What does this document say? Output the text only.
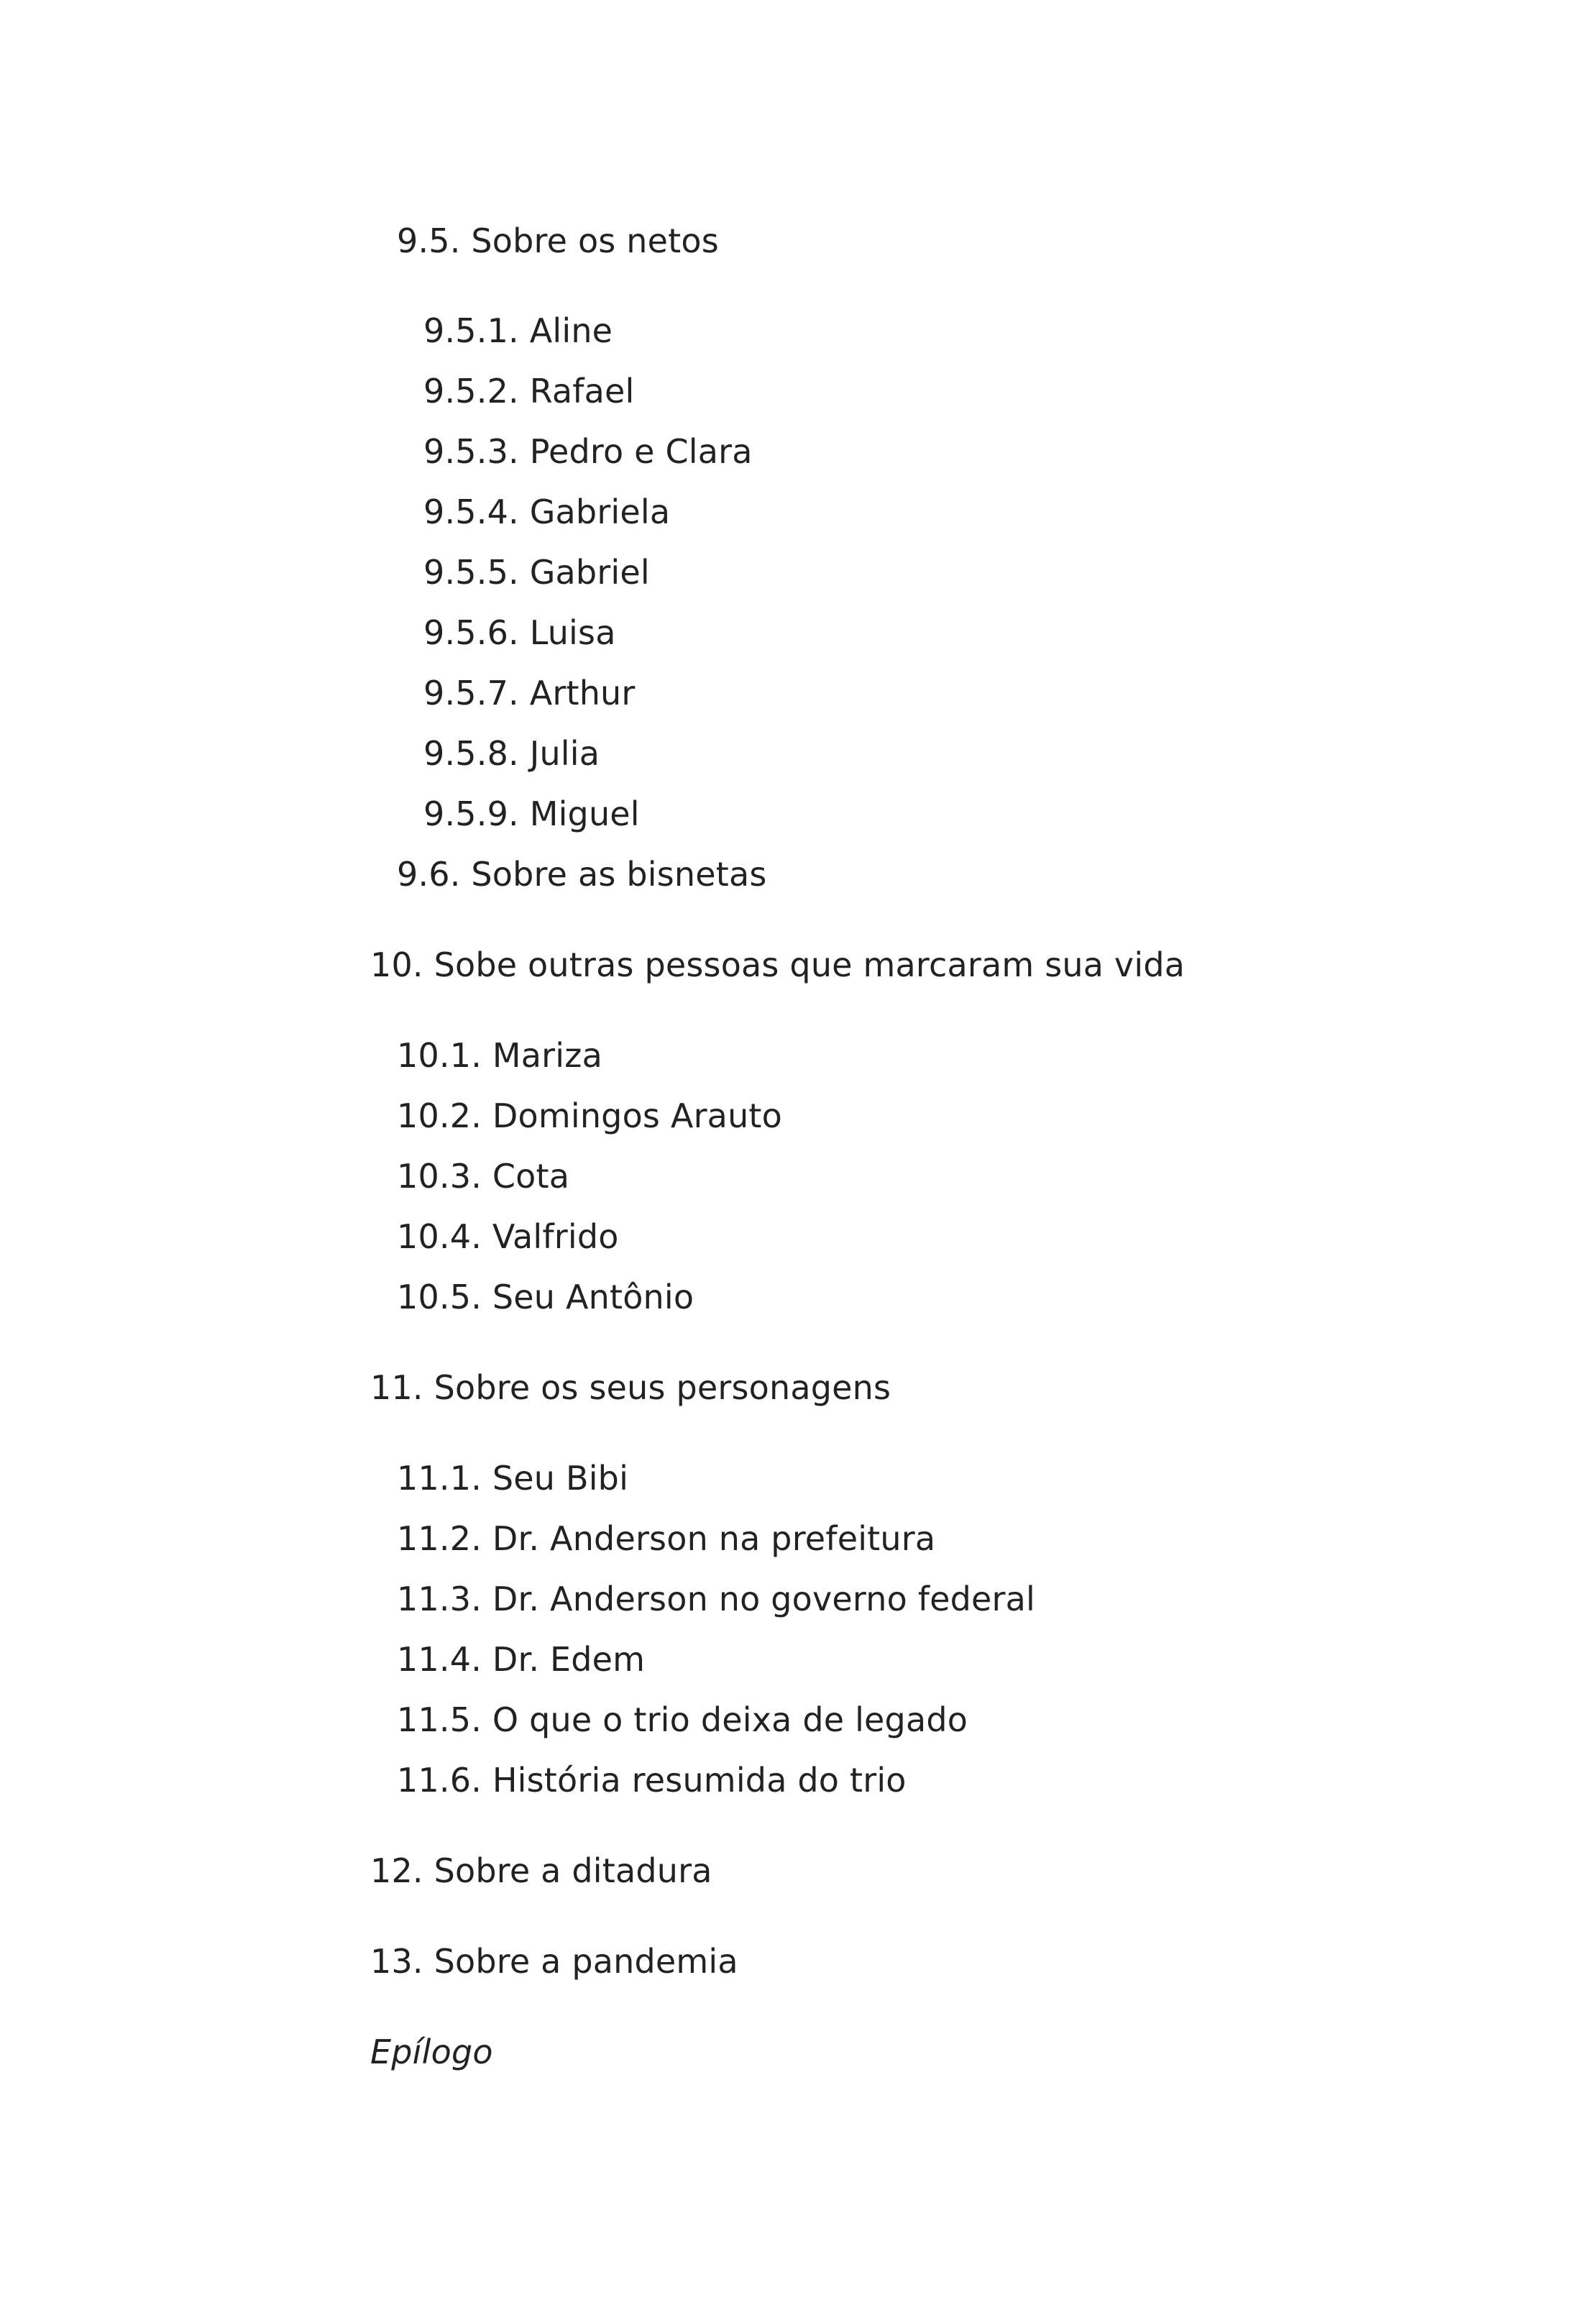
9.5. Sobre os netos
9.5.1. Aline
9.5.2. Rafael
9.5.3. Pedro e Clara
9.5.4. Gabriela
9.5.5. Gabriel
9.5.6. Luisa
9.5.7. Arthur
9.5.8. Julia
9.5.9. Miguel
9.6. Sobre as bisnetas
10. Sobe outras pessoas que marcaram sua vida
10.1. Mariza
10.2. Domingos Arauto
10.3. Cota
10.4. Valfrido
10.5. Seu Antônio
11. Sobre os seus personagens
11.1. Seu Bibi
11.2. Dr. Anderson na prefeitura
11.3. Dr. Anderson no governo federal
11.4. Dr. Edem
11.5. O que o trio deixa de legado
11.6. História resumida do trio
12. Sobre a ditadura
13. Sobre a pandemia
Epílogo
